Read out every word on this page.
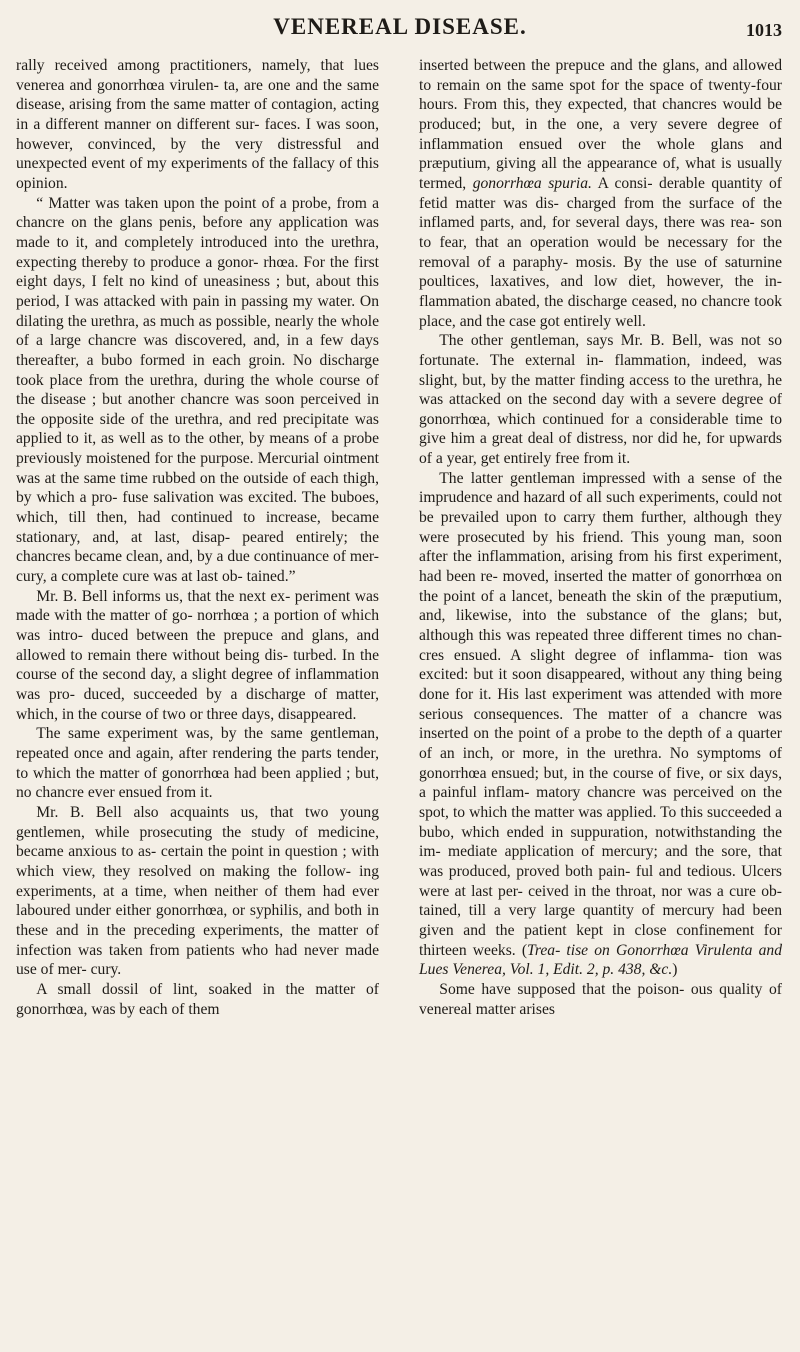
VENEREAL DISEASE.	1013

rally received among practitioners, namely, that lues venerea and gonorrhœa virulen- ta, are one and the same disease, arising from the same matter of contagion, acting in a different manner on different sur- faces. I was soon, however, convinced, by the very distressful and unexpected event of my experiments of the fallacy of this opinion.

“ Matter was taken upon the point of a probe, from a chancre on the glans penis, before any application was made to it, and completely introduced into the urethra, expecting thereby to produce a gonor- rhœa. For the first eight days, I felt no kind of uneasiness ; but, about this period, I was attacked with pain in passing my water. On dilating the urethra, as much as possible, nearly the whole of a large chancre was discovered, and, in a few days thereafter, a bubo formed in each groin. No discharge took place from the urethra, during the whole course of the disease ; but another chancre was soon perceived in the opposite side of the urethra, and red precipitate was applied to it, as well as to the other, by means of a probe previously moistened for the purpose. Mercurial ointment was at the same time rubbed on the outside of each thigh, by which a pro- fuse salivation was excited. The buboes, which, till then, had continued to increase, became stationary, and, at last, disap- peared entirely; the chancres became clean, and, by a due continuance of mer- cury, a complete cure was at last ob- tained.”

Mr. B. Bell informs us, that the next ex- periment was made with the matter of go- norrhœa ; a portion of which was intro- duced between the prepuce and glans, and allowed to remain there without being dis- turbed. In the course of the second day, a slight degree of inflammation was pro- duced, succeeded by a discharge of matter, which, in the course of two or three days, disappeared.

The same experiment was, by the same gentleman, repeated once and again, after rendering the parts tender, to which the matter of gonorrhœa had been applied ; but, no chancre ever ensued from it.

Mr. B. Bell also acquaints us, that two young gentlemen, while prosecuting the study of medicine, became anxious to as- certain the point in question ; with which view, they resolved on making the follow- ing experiments, at a time, when neither of them had ever laboured under either gonorrhœa, or syphilis, and both in these and in the preceding experiments, the matter of infection was taken from patients who had never made use of mer- cury.

A small dossil of lint, soaked in the matter of gonorrhœa, was by each of them

inserted between the prepuce and the glans, and allowed to remain on the same spot for the space of twenty-four hours. From this, they expected, that chancres would be produced; but, in the one, a very severe degree of inflammation ensued over the whole glans and præputium, giving all the appearance of, what is usually termed, gonorrhœa spuria. A consi- derable quantity of fetid matter was dis- charged from the surface of the inflamed parts, and, for several days, there was rea- son to fear, that an operation would be necessary for the removal of a paraphy- mosis. By the use of saturnine poultices, laxatives, and low diet, however, the in- flammation abated, the discharge ceased, no chancre took place, and the case got entirely well.

The other gentleman, says Mr. B. Bell, was not so fortunate. The external in- flammation, indeed, was slight, but, by the matter finding access to the urethra, he was attacked on the second day with a severe degree of gonorrhœa, which continued for a considerable time to give him a great deal of distress, nor did he, for upwards of a year, get entirely free from it.

The latter gentleman impressed with a sense of the imprudence and hazard of all such experiments, could not be prevailed upon to carry them further, although they were prosecuted by his friend. This young man, soon after the inflammation, arising from his first experiment, had been re- moved, inserted the matter of gonorrhœa on the point of a lancet, beneath the skin of the præputium, and, likewise, into the substance of the glans; but, although this was repeated three different times no chan- cres ensued. A slight degree of inflamma- tion was excited: but it soon disappeared, without any thing being done for it. His last experiment was attended with more serious consequences. The matter of a chancre was inserted on the point of a probe to the depth of a quarter of an inch, or more, in the urethra. No symptoms of gonorrhœa ensued; but, in the course of five, or six days, a painful inflam- matory chancre was perceived on the spot, to which the matter was applied. To this succeeded a bubo, which ended in suppuration, notwithstanding the im- mediate application of mercury; and the sore, that was produced, proved both pain- ful and tedious. Ulcers were at last per- ceived in the throat, nor was a cure ob- tained, till a very large quantity of mercury had been given and the patient kept in close confinement for thirteen weeks. (Trea- tise on Gonorrhœa Virulenta and Lues Venerea, Vol. 1, Edit. 2, p. 438, &c.)

Some have supposed that the poison- ous quality of venereal matter arises
